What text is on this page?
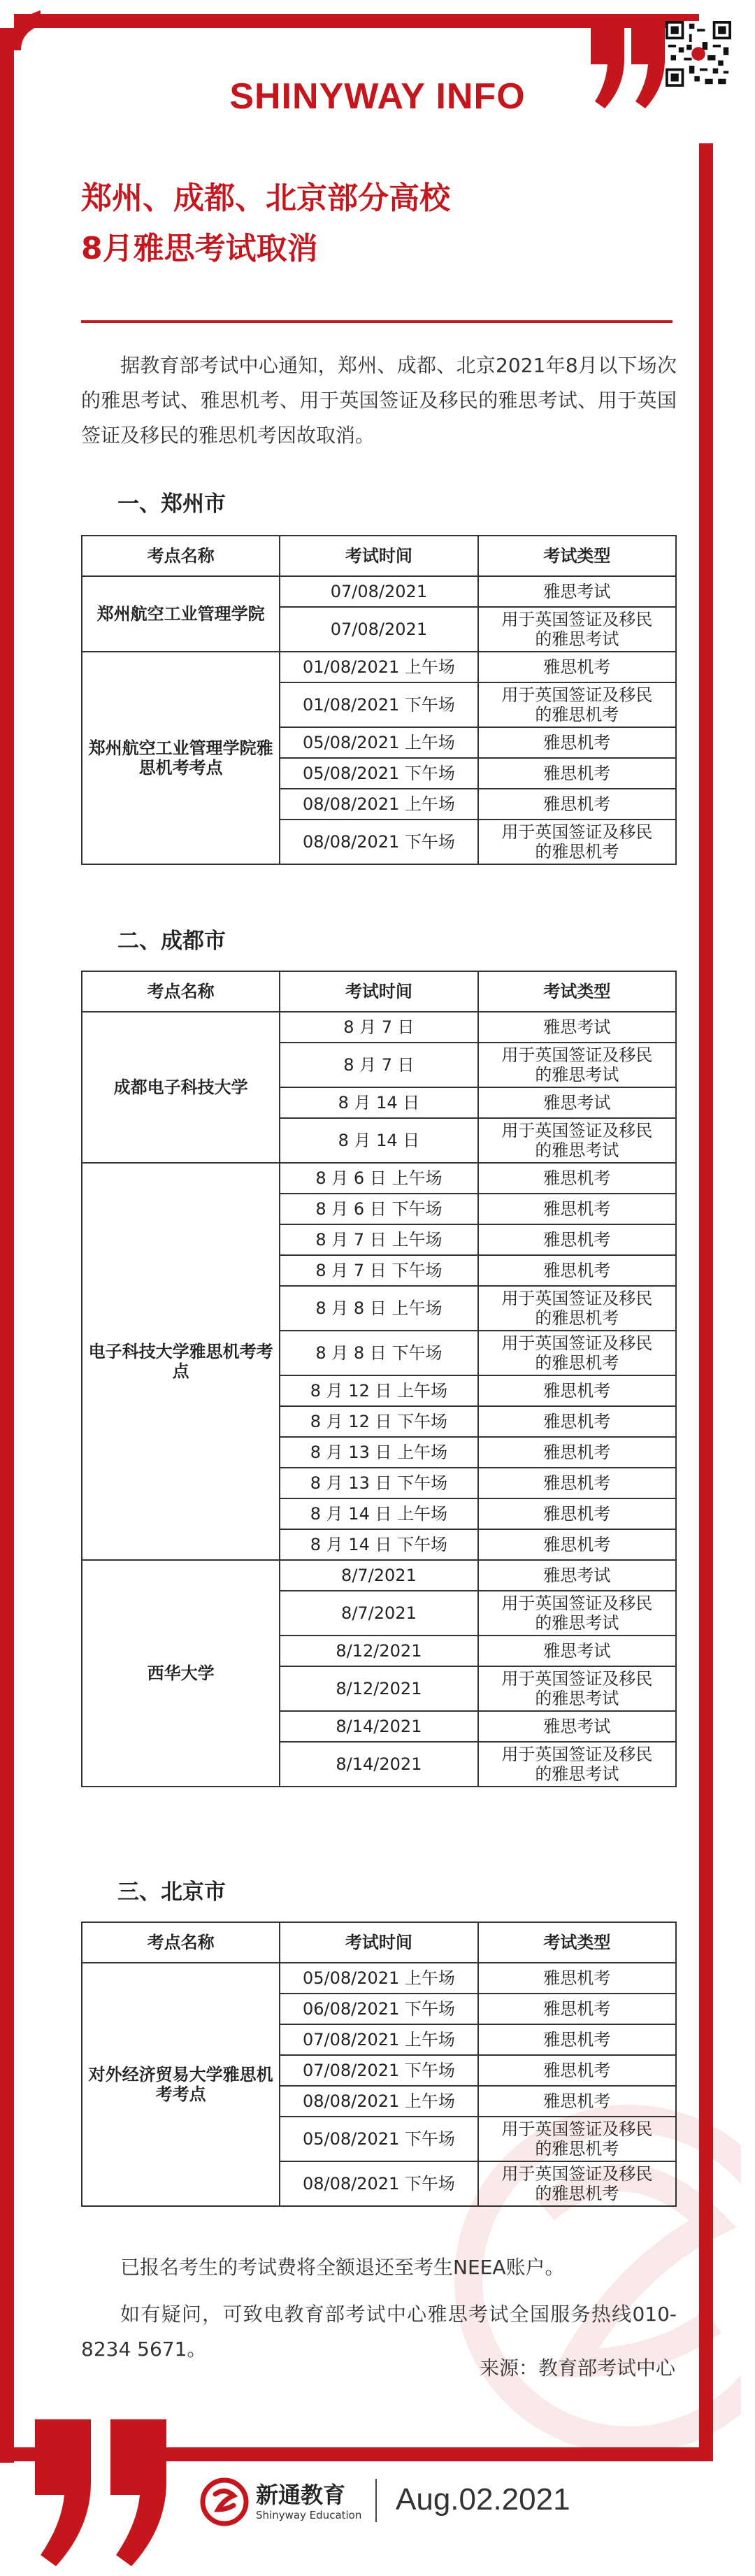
SHINYWAY INFO
郑州、成都、北京部分高校
8月雅思考试取消
据教育部考试中心通知，郑州、成都、北京2021年8月以下场次的雅思考试、雅思机考、用于英国签证及移民的雅思考试、用于英国签证及移民的雅思机考因故取消。
一、郑州市
考点名称	考试时间	考试类型
郑州航空工业管理学院	07/08/2021	雅思考试
	07/08/2021	用于英国签证及移民的雅思考试
郑州航空工业管理学院雅思机考考点	01/08/2021 上午场	雅思机考
	01/08/2021 下午场	用于英国签证及移民的雅思机考
	05/08/2021 上午场	雅思机考
	05/08/2021 下午场	雅思机考
	08/08/2021 上午场	雅思机考
	08/08/2021 下午场	用于英国签证及移民的雅思机考
二、成都市
考点名称	考试时间	考试类型
成都电子科技大学	8 月 7 日	雅思考试
	8 月 7 日	用于英国签证及移民的雅思考试
	8 月 14 日	雅思考试
	8 月 14 日	用于英国签证及移民的雅思考试
电子科技大学雅思机考考点	8 月 6 日 上午场	雅思机考
	8 月 6 日 下午场	雅思机考
	8 月 7 日 上午场	雅思机考
	8 月 7 日 下午场	雅思机考
	8 月 8 日 上午场	用于英国签证及移民的雅思机考
	8 月 8 日 下午场	用于英国签证及移民的雅思机考
	8 月 12 日 上午场	雅思机考
	8 月 12 日 下午场	雅思机考
	8 月 13 日 上午场	雅思机考
	8 月 13 日 下午场	雅思机考
	8 月 14 日 上午场	雅思机考
	8 月 14 日 下午场	雅思机考
西华大学	8/7/2021	雅思考试
	8/7/2021	用于英国签证及移民的雅思考试
	8/12/2021	雅思考试
	8/12/2021	用于英国签证及移民的雅思考试
	8/14/2021	雅思考试
	8/14/2021	用于英国签证及移民的雅思考试
三、北京市
考点名称	考试时间	考试类型
对外经济贸易大学雅思机考考点	05/08/2021 上午场	雅思机考
	06/08/2021 下午场	雅思机考
	07/08/2021 上午场	雅思机考
	07/08/2021 下午场	雅思机考
	08/08/2021 上午场	雅思机考
	05/08/2021 下午场	用于英国签证及移民的雅思机考
	08/08/2021 下午场	用于英国签证及移民的雅思机考
已报名考生的考试费将全额退还至考生NEEA账户。
如有疑问，可致电教育部考试中心雅思考试全国服务热线010-8234 5671。
来源：教育部考试中心
新通教育
Shinyway Education Aug.02.2021
